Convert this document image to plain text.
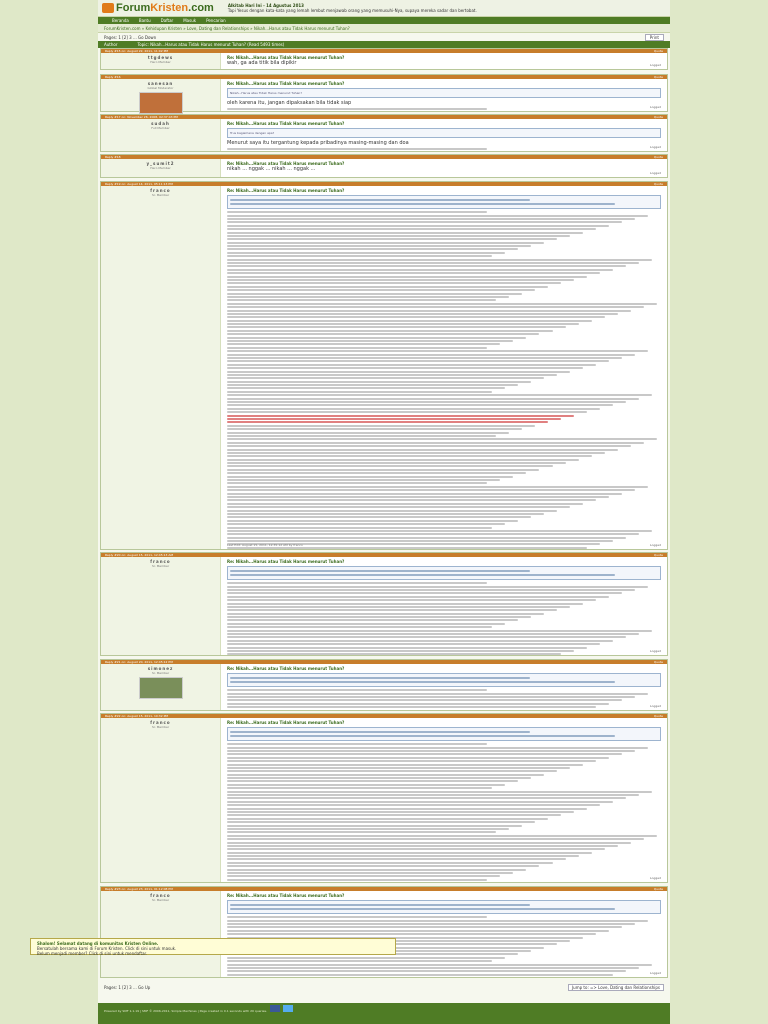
ForumKristen.com	Alkitab Hari Ini - 14 Agustus 2013
Tapi Yesus dengan kata-kata yang lemah lembut menjawab orang yang memusuhi-Nya, supaya mereka sadar dan bertobat.
Beranda	Bantu	Daftar	Masuk	Pencarian
ForumKristen.com » Kehidupan Kristen » Love, Dating dan Relationships » Nikah...Harus atau Tidak Harus menurut Tuhan?
Pages: 1 [2] 3 ... Go Down	Print
Author	Topic: Nikah...Harus atau Tidak Harus menurut Tuhan? (Read 5493 times)
Reply #15 on: August 22, 2011, 11:02 PM	Quote
ttgdews
Hero Member
Re: Nikah...Harus atau Tidak Harus menurut Tuhan?
wah, ga ada titik bila dipikir	Logged
Reply #16	Quote
sanesan
Global Moderator
Re: Nikah...Harus atau Tidak Harus menurut Tuhan?
Nikah...Harus atau Tidak Harus menurut Tuhan?
oleh karena itu, jangan dipaksakan bila tidak siap
Logged
Reply #17 on: November 26, 2008, 02:37:43 PM	Quote
sudah
Full Member
Re: Nikah...Harus atau Tidak Harus menurut Tuhan?
Trus bagaimana dengan apa?
Menurut saya itu tergantung kepada pribadinya masing-masing dan doa
Logged
Reply #18	Quote
y_sumit2
Hero Member
Re: Nikah...Harus atau Tidak Harus menurut Tuhan?
nikah ... nggak ... nikah ... nggak ...
Logged
Reply #19 on: August 14, 2011, 05:11:13 PM	Quote
franco
Sr. Member
Re: Nikah...Harus atau Tidak Harus menurut Tuhan?
Last Edit: August 15, 2011, 12:35:12 AM by franco	Logged
Reply #20 on: August 15, 2011, 12:45:13 AM	Quote
franco
Sr. Member
Re: Nikah...Harus atau Tidak Harus menurut Tuhan?
Logged
Reply #21 on: August 20, 2011, 12:45:12 PM	Quote
simonez
Sr. Member
Re: Nikah...Harus atau Tidak Harus menurut Tuhan?
Logged
Reply #22 on: August 15, 2011, 10:32 PM	Quote
franco
Sr. Member
Re: Nikah...Harus atau Tidak Harus menurut Tuhan?
Logged
Reply #23 on: August 23, 2011, 01:12:08 PM	Quote
franco
Sr. Member
Re: Nikah...Harus atau Tidak Harus menurut Tuhan?
Logged
Pages: 1 [2] 3 ... Go Up	Jump to: => Love, Dating dan Relationships
Shalom! Selamat datang di komunitas Kristen Online.
Bersatulah bersama kami di Forum Kristen. Click di sini untuk masuk.
Belum menjadi member? Click di sini untuk mendaftar.
Powered by SMF 1.1.19 | SMF © 2006-2011, Simple Machines | Page created in 0.1 seconds with 20 queries.
